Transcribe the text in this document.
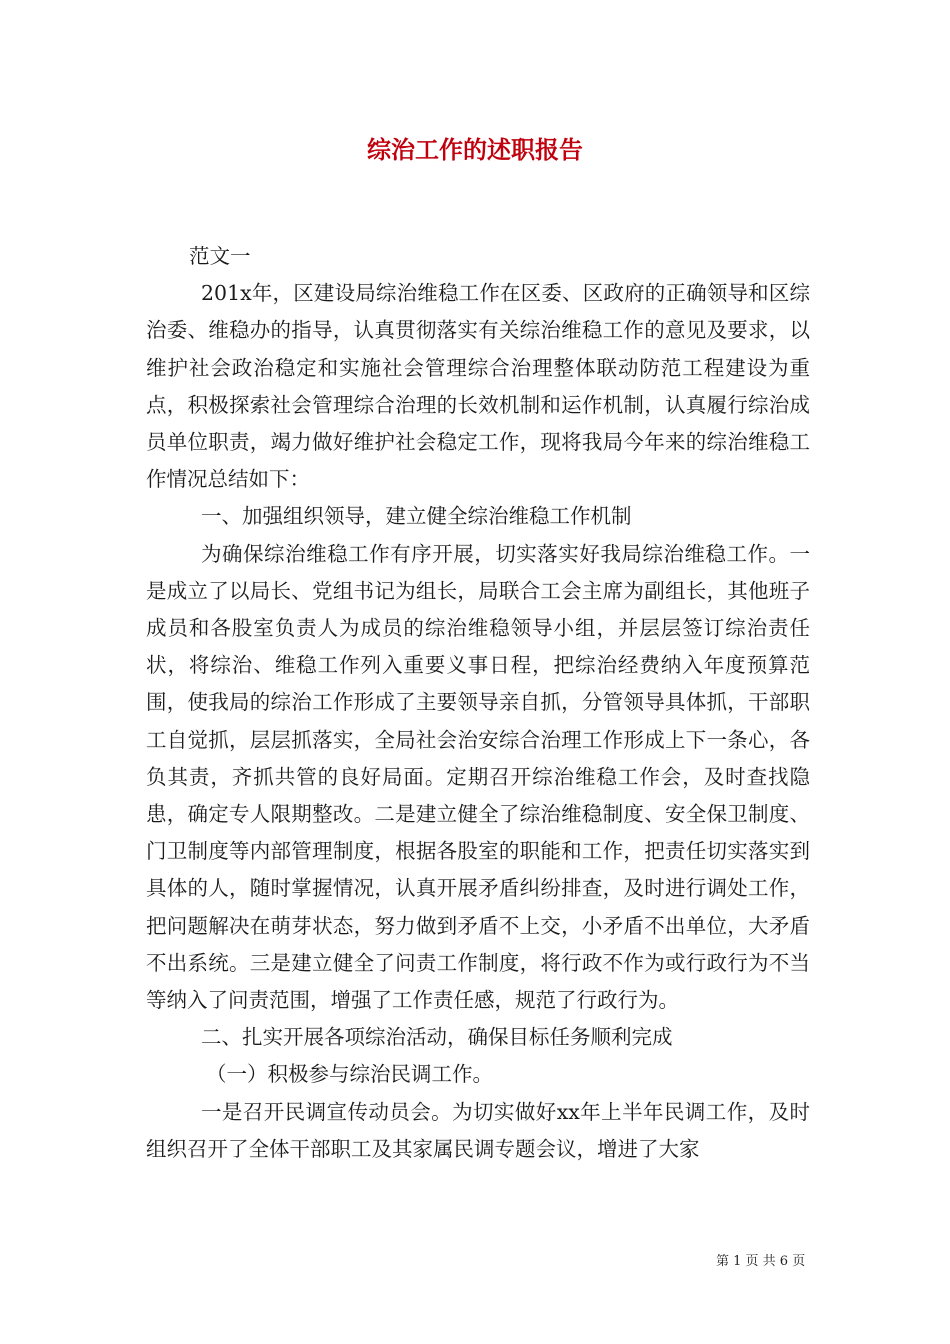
综治工作的述职报告

范文一

201x年，区建设局综治维稳工作在区委、区政府的正确领导和区综治委、维稳办的指导，认真贯彻落实有关综治维稳工作的意见及要求，以维护社会政治稳定和实施社会管理综合治理整体联动防范工程建设为重点，积极探索社会管理综合治理的长效机制和运作机制，认真履行综治成员单位职责，竭力做好维护社会稳定工作，现将我局今年来的综治维稳工作情况总结如下：

一、加强组织领导，建立健全综治维稳工作机制

为确保综治维稳工作有序开展，切实落实好我局综治维稳工作。一是成立了以局长、党组书记为组长，局联合工会主席为副组长，其他班子成员和各股室负责人为成员的综治维稳领导小组，并层层签订综治责任状，将综治、维稳工作列入重要义事日程，把综治经费纳入年度预算范围，使我局的综治工作形成了主要领导亲自抓，分管领导具体抓，干部职工自觉抓，层层抓落实，全局社会治安综合治理工作形成上下一条心，各负其责，齐抓共管的良好局面。定期召开综治维稳工作会，及时查找隐患，确定专人限期整改。二是建立健全了综治维稳制度、安全保卫制度、门卫制度等内部管理制度，根据各股室的职能和工作，把责任切实落实到具体的人，随时掌握情况，认真开展矛盾纠纷排查，及时进行调处工作，把问题解决在萌芽状态，努力做到矛盾不上交，小矛盾不出单位，大矛盾不出系统。三是建立健全了问责工作制度，将行政不作为或行政行为不当等纳入了问责范围，增强了工作责任感，规范了行政行为。

二、扎实开展各项综治活动，确保目标任务顺利完成

（一）积极参与综治民调工作。

一是召开民调宣传动员会。为切实做好xx年上半年民调工作，及时组织召开了全体干部职工及其家属民调专题会议，增进了大家

第 1 页 共 6 页
